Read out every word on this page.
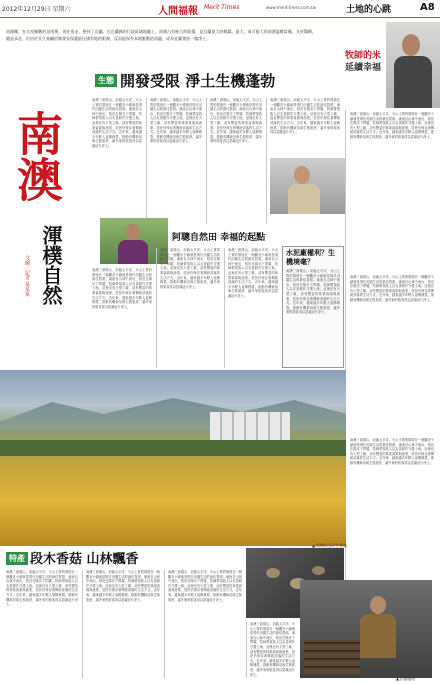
2012年12月29日 星期六	人間福報 Merit Times	www.merit-times.com.tw	土地的心跳	A8
南澳鄉，在衣室擁數的是南澳、再往南走，便到了宜蘭。在宜蘭縣的行政區域地圖上，南澳占有極大的面積，是宜蘭最大的鄉鎮。最大，或可能大的南澳溫暖富饒，支於醫療，隨是承必，但由於長久來鹹於無發長保護最佳國有地的限制，反而能保有本地脈動的清麗，成為宜蘭發展一塊淨土。
牧師的米
延續幸福
生態 開發受限 淨土生機蓬勃
南澳
渾樸自然
文圖／記者 某某某
南澳三面環山，前臨太平洋，火山土質的環境在一個觀音小鎮就是現代田園生活的最佳寫照。溪流自山林中流出，稻田在陽光下閃耀，牧師帶領族人以友善耕作守護土地。這裡沒有大型工廠，卻有豐富的林業資源與漁業，居民仍保存著傳統部落的生活方式。近年來，越來越多年輕人返鄉務農，推動有機栽培與生態旅遊，讓外來的旅客得以認識這片淨土。
南澳三面環山，前臨太平洋，火山土質的環境在一個觀音小鎮就是現代田園生活的最佳寫照。溪流自山林中流出，稻田在陽光下閃耀，牧師帶領族人以友善耕作守護土地。這裡沒有大型工廠，卻有豐富的林業資源與漁業，居民仍保存著傳統部落的生活方式。近年來，越來越多年輕人返鄉務農，推動有機栽培與生態旅遊，讓外來的旅客得以認識這片淨土。
南澳三面環山，前臨太平洋，火山土質的環境在一個觀音小鎮就是現代田園生活的最佳寫照。溪流自山林中流出，稻田在陽光下閃耀，牧師帶領族人以友善耕作守護土地。這裡沒有大型工廠，卻有豐富的林業資源與漁業，居民仍保存著傳統部落的生活方式。近年來，越來越多年輕人返鄉務農，推動有機栽培與生態旅遊，讓外來的旅客得以認識這片淨土。
南澳三面環山，前臨太平洋，火山土質的環境在一個觀音小鎮就是現代田園生活的最佳寫照。溪流自山林中流出，稻田在陽光下閃耀，牧師帶領族人以友善耕作守護土地。這裡沒有大型工廠，卻有豐富的林業資源與漁業，居民仍保存著傳統部落的生活方式。近年來，越來越多年輕人返鄉務農，推動有機栽培與生態旅遊，讓外來的旅客得以認識這片淨土。
南澳三面環山，前臨太平洋，火山土質的環境在一個觀音小鎮就是現代田園生活的最佳寫照。溪流自山林中流出，稻田在陽光下閃耀，牧師帶領族人以友善耕作守護土地。這裡沒有大型工廠，卻有豐富的林業資源與漁業，居民仍保存著傳統部落的生活方式。近年來，越來越多年輕人返鄉務農，推動有機栽培與生態旅遊，讓外來的旅客得以認識這片淨土。
南澳三面環山，前臨太平洋，火山土質的環境在一個觀音小鎮就是現代田園生活的最佳寫照。溪流自山林中流出，稻田在陽光下閃耀，牧師帶領族人以友善耕作守護土地。這裡沒有大型工廠，卻有豐富的林業資源與漁業，居民仍保存著傳統部落的生活方式。近年來，越來越多年輕人返鄉務農，推動有機栽培與生態旅遊，讓外來的旅客得以認識這片淨土。
南澳三面環山，前臨太平洋，火山土質的環境在一個觀音小鎮就是現代田園生活的最佳寫照。溪流自山林中流出，稻田在陽光下閃耀，牧師帶領族人以友善耕作守護土地。這裡沒有大型工廠，卻有豐富的林業資源與漁業，居民仍保存著傳統部落的生活方式。近年來，越來越多年輕人返鄉務農，推動有機栽培與生態旅遊，讓外來的旅客得以認識這片淨土。
阿聰自然田 幸福的起點
南澳三面環山，前臨太平洋，火山土質的環境在一個觀音小鎮就是現代田園生活的最佳寫照。溪流自山林中流出，稻田在陽光下閃耀，牧師帶領族人以友善耕作守護土地。這裡沒有大型工廠，卻有豐富的林業資源與漁業，居民仍保存著傳統部落的生活方式。近年來，越來越多年輕人返鄉務農，推動有機栽培與生態旅遊，讓外來的旅客得以認識這片淨土。
南澳三面環山，前臨太平洋，火山土質的環境在一個觀音小鎮就是現代田園生活的最佳寫照。溪流自山林中流出，稻田在陽光下閃耀，牧師帶領族人以友善耕作守護土地。這裡沒有大型工廠，卻有豐富的林業資源與漁業，居民仍保存著傳統部落的生活方式。近年來，越來越多年輕人返鄉務農，推動有機栽培與生態旅遊，讓外來的旅客得以認識這片淨土。
南澳三面環山，前臨太平洋，火山土質的環境在一個觀音小鎮就是現代田園生活的最佳寫照。溪流自山林中流出，稻田在陽光下閃耀，牧師帶領族人以友善耕作守護土地。這裡沒有大型工廠，卻有豐富的林業資源與漁業，居民仍保存著傳統部落的生活方式。近年來，越來越多年輕人返鄉務農，推動有機栽培與生態旅遊，讓外來的旅客得以認識這片淨土。
水泥廠權利？生機境毫？
南澳三面環山，前臨太平洋，火山土質的環境在一個觀音小鎮就是現代田園生活的最佳寫照。溪流自山林中流出，稻田在陽光下閃耀，牧師帶領族人以友善耕作守護土地。這裡沒有大型工廠，卻有豐富的林業資源與漁業，居民仍保存著傳統部落的生活方式。近年來，越來越多年輕人返鄉務農，推動有機栽培與生態旅遊，讓外來的旅客得以認識這片淨土。
特產 段木香菇 山林飄香
▲南澳原住民生香菇
南澳三面環山，前臨太平洋，火山土質的環境在一個觀音小鎮就是現代田園生活的最佳寫照。溪流自山林中流出，稻田在陽光下閃耀，牧師帶領族人以友善耕作守護土地。這裡沒有大型工廠，卻有豐富的林業資源與漁業，居民仍保存著傳統部落的生活方式。近年來，越來越多年輕人返鄉務農，推動有機栽培與生態旅遊，讓外來的旅客得以認識這片淨土。
南澳三面環山，前臨太平洋，火山土質的環境在一個觀音小鎮就是現代田園生活的最佳寫照。溪流自山林中流出，稻田在陽光下閃耀，牧師帶領族人以友善耕作守護土地。這裡沒有大型工廠，卻有豐富的林業資源與漁業，居民仍保存著傳統部落的生活方式。近年來，越來越多年輕人返鄉務農，推動有機栽培與生態旅遊，讓外來的旅客得以認識這片淨土。
南澳三面環山，前臨太平洋，火山土質的環境在一個觀音小鎮就是現代田園生活的最佳寫照。溪流自山林中流出，稻田在陽光下閃耀，牧師帶領族人以友善耕作守護土地。這裡沒有大型工廠，卻有豐富的林業資源與漁業，居民仍保存著傳統部落的生活方式。近年來，越來越多年輕人返鄉務農，推動有機栽培與生態旅遊，讓外來的旅客得以認識這片淨土。
南澳三面環山，前臨太平洋，火山土質的環境在一個觀音小鎮就是現代田園生活的最佳寫照。溪流自山林中流出，稻田在陽光下閃耀，牧師帶領族人以友善耕作守護土地。這裡沒有大型工廠，卻有豐富的林業資源與漁業，居民仍保存著傳統部落的生活方式。近年來，越來越多年輕人返鄉務農，推動有機栽培與生態旅遊，讓外來的旅客得以認識這片淨土。
▲雲覆處理
